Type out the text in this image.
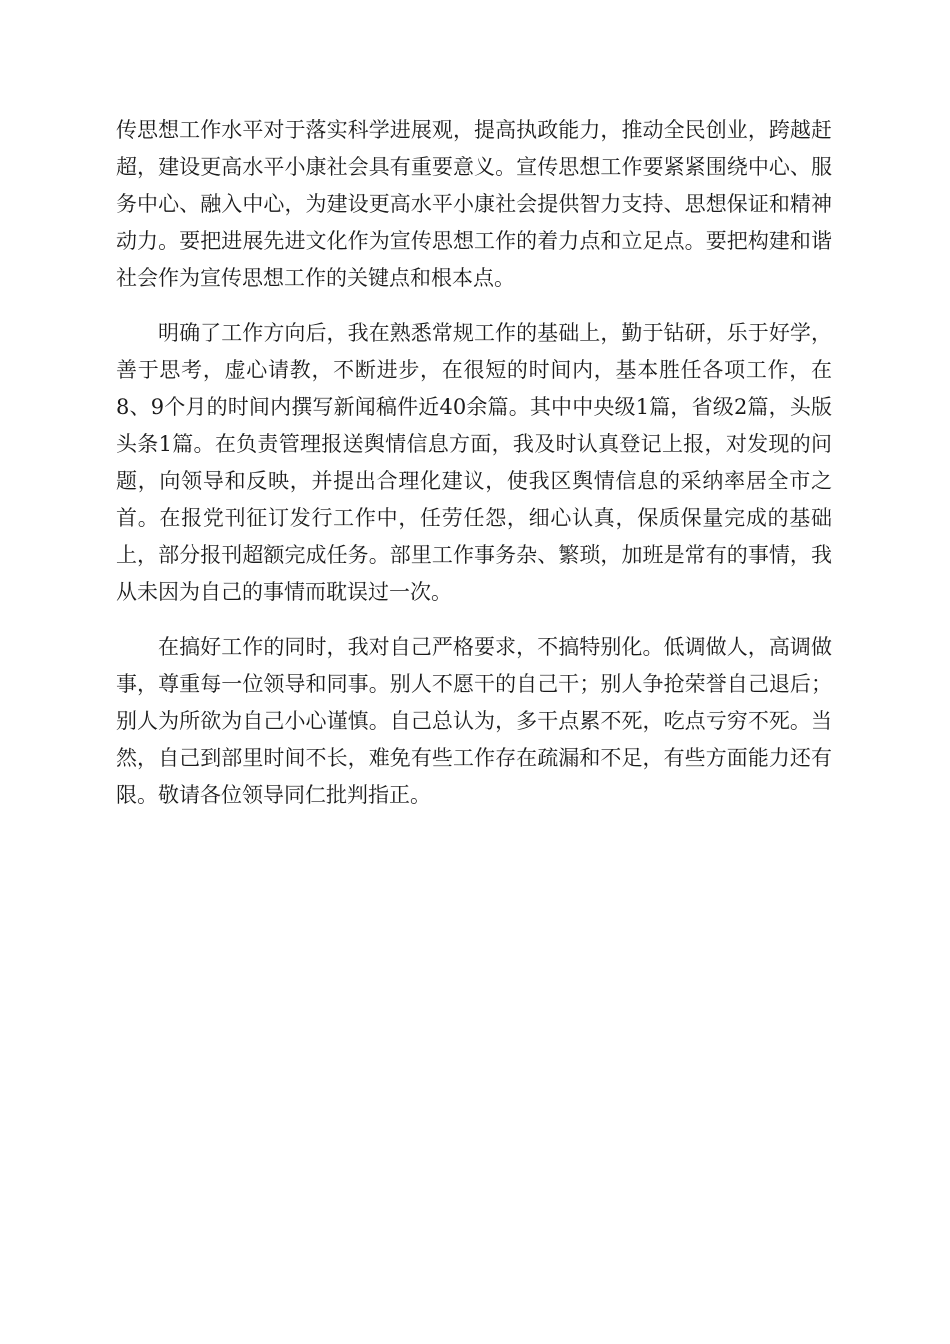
传思想工作水平对于落实科学进展观，提高执政能力，推动全民创业，跨越赶超，建设更高水平小康社会具有重要意义。宣传思想工作要紧紧围绕中心、服务中心、融入中心，为建设更高水平小康社会提供智力支持、思想保证和精神动力。要把进展先进文化作为宣传思想工作的着力点和立足点。要把构建和谐社会作为宣传思想工作的关键点和根本点。

明确了工作方向后，我在熟悉常规工作的基础上，勤于钻研，乐于好学，善于思考，虚心请教，不断进步，在很短的时间内，基本胜任各项工作，在8、9个月的时间内撰写新闻稿件近40余篇。其中中央级1篇，省级2篇，头版头条1篇。在负责管理报送舆情信息方面，我及时认真登记上报，对发现的问题，向领导和反映，并提出合理化建议，使我区舆情信息的采纳率居全市之首。在报党刊征订发行工作中，任劳任怨，细心认真，保质保量完成的基础上，部分报刊超额完成任务。部里工作事务杂、繁琐，加班是常有的事情，我从未因为自己的事情而耽误过一次。

在搞好工作的同时，我对自己严格要求，不搞特别化。低调做人，高调做事，尊重每一位领导和同事。别人不愿干的自己干；别人争抢荣誉自己退后；别人为所欲为自己小心谨慎。自己总认为，多干点累不死，吃点亏穷不死。当然，自己到部里时间不长，难免有些工作存在疏漏和不足，有些方面能力还有限。敬请各位领导同仁批判指正。
